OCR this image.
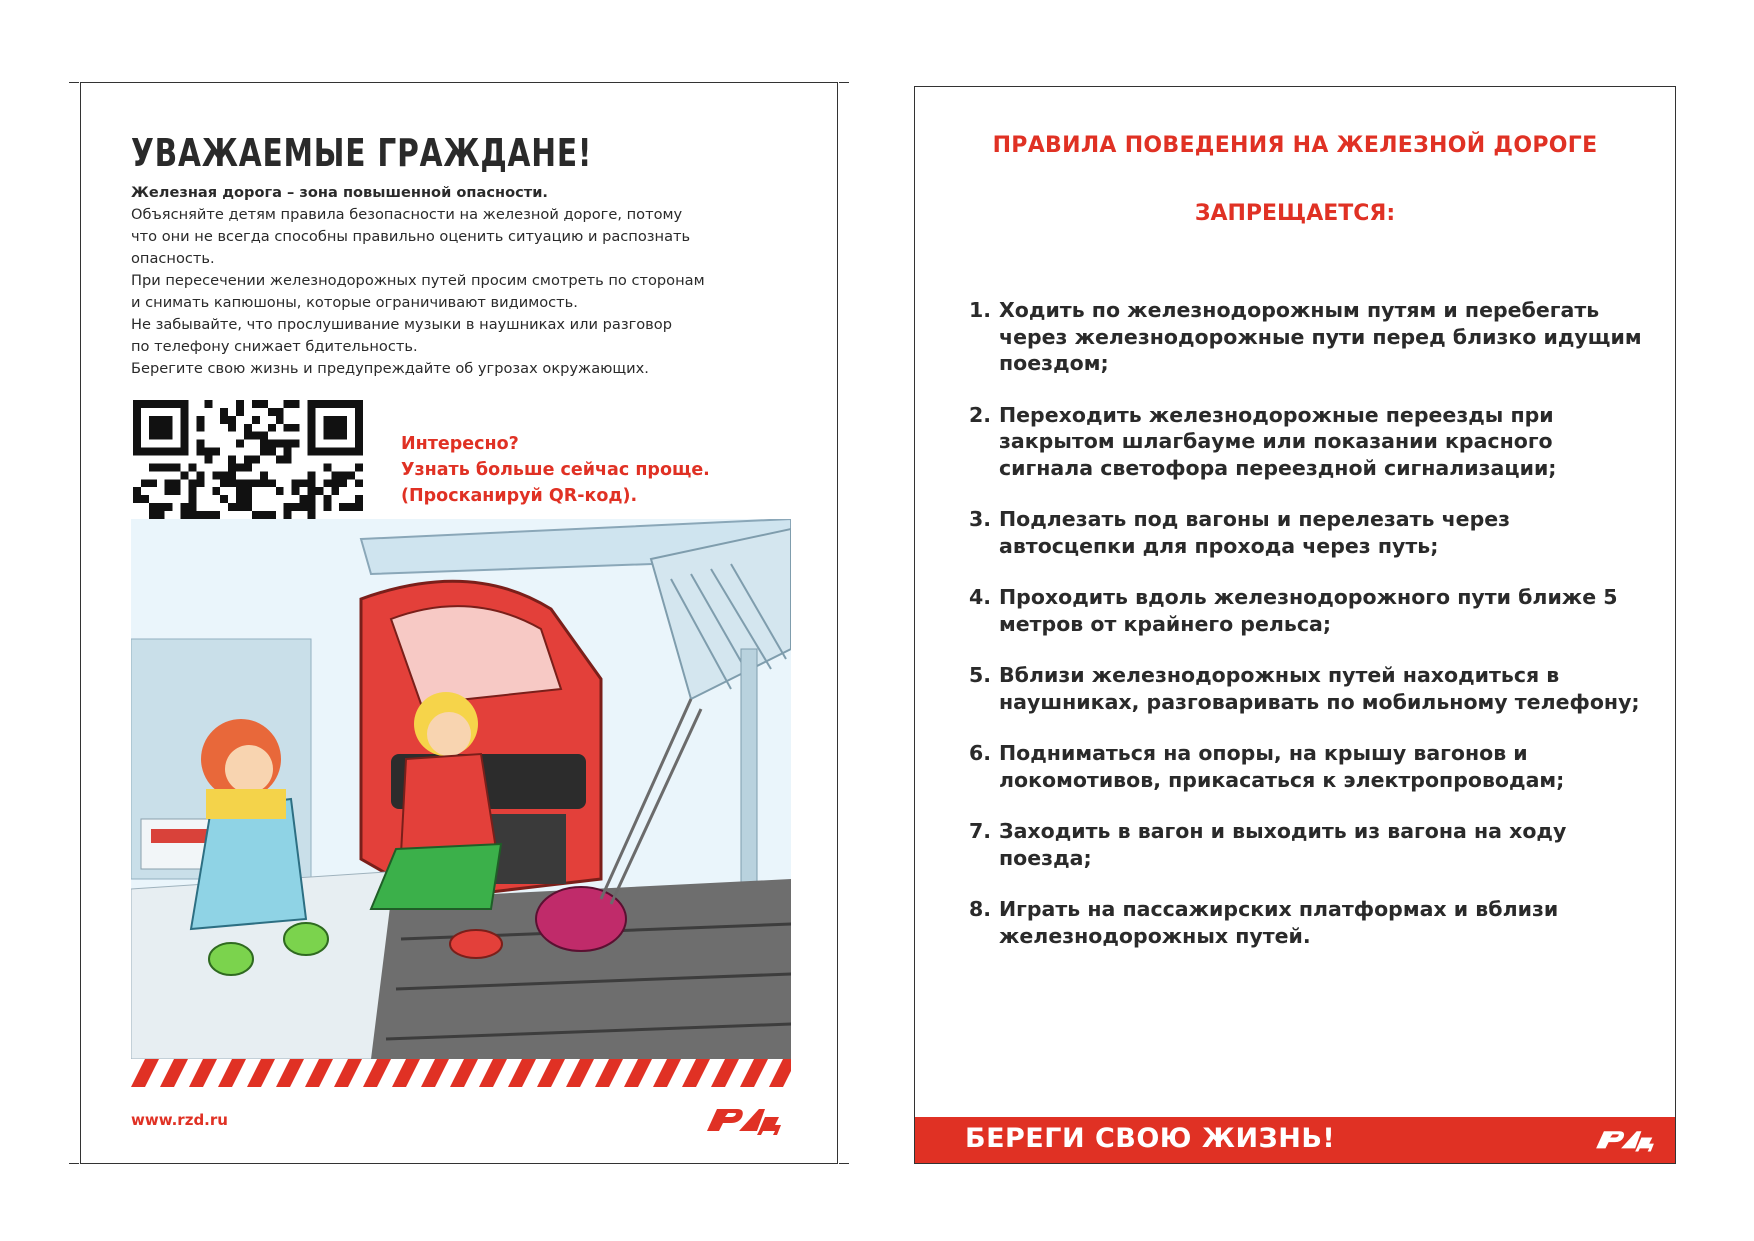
УВАЖАЕМЫЕ ГРАЖДАНЕ!

Железная дорога – зона повышенной опасности.

Объясняйте детям правила безопасности на железной дороге, потому

что они не всегда способны правильно оценить ситуацию и распознать

опасность.

При пересечении железнодорожных путей просим смотреть по сторонам

и снимать капюшоны, которые ограничивают видимость.

Не забывайте, что прослушивание музыки в наушниках или разговор

по телефону снижает бдительность.

Берегите свою жизнь и предупреждайте об угрозах окружающих.

Интересно?
Узнать больше сейчас проще.
(Просканируй QR-код).
www.rzd.ru
ПРАВИЛА ПОВЕДЕНИЯ НА ЖЕЛЕЗНОЙ ДОРОГЕ
ЗАПРЕЩАЕТСЯ:
1. Ходить по железнодорожным путям и перебегать через железнодорожные пути перед близко идущим поездом;
2. Переходить железнодорожные переезды при закрытом шлагбауме или показании красного сигнала светофора переездной сигнализации;
3. Подлезать под вагоны и перелезать через автосцепки для прохода через путь;
4. Проходить вдоль железнодорожного пути ближе 5 метров от крайнего рельса;
5. Вблизи железнодорожных путей находиться в наушниках, разговаривать по мобильному телефону;
6. Подниматься на опоры, на крышу вагонов и локомотивов, прикасаться к электропроводам;
7. Заходить в вагон и выходить из вагона на ходу поезда;
8. Играть на пассажирских платформах и вблизи железнодорожных путей.
БЕРЕГИ СВОЮ ЖИЗНЬ!
